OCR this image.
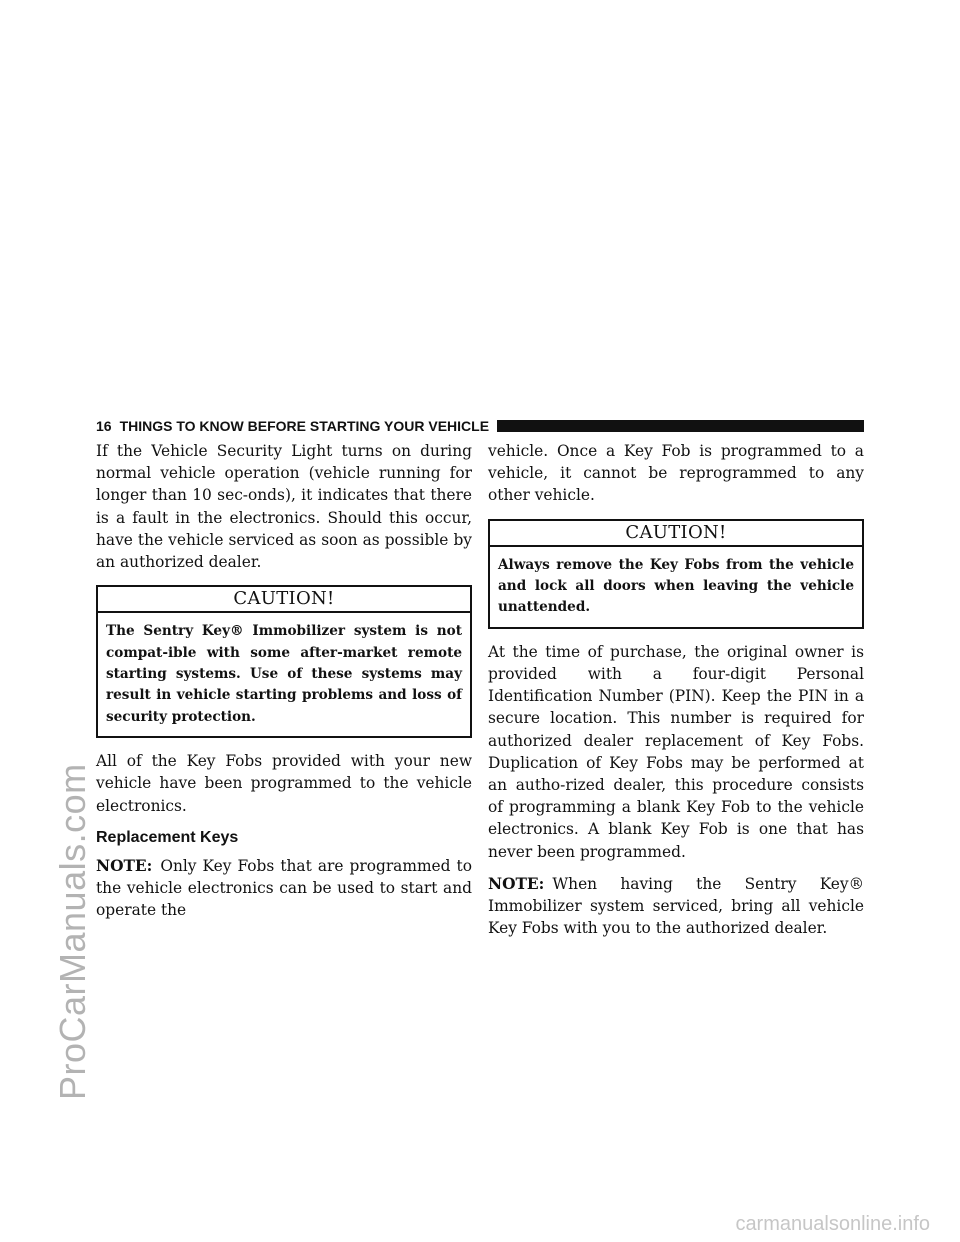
ProCarManuals.com
16 THINGS TO KNOW BEFORE STARTING YOUR VEHICLE

If the Vehicle Security Light turns on during normal vehicle operation (vehicle running for longer than 10 sec-onds), it indicates that there is a fault in the electronics. Should this occur, have the vehicle serviced as soon as possible by an authorized dealer.

CAUTION!
The Sentry Key® Immobilizer system is not compat-ible with some after-market remote starting systems. Use of these systems may result in vehicle starting problems and loss of security protection.

All of the Key Fobs provided with your new vehicle have been programmed to the vehicle electronics.

Replacement Keys

NOTE: Only Key Fobs that are programmed to the vehicle electronics can be used to start and operate the

vehicle. Once a Key Fob is programmed to a vehicle, it cannot be reprogrammed to any other vehicle.

CAUTION!
Always remove the Key Fobs from the vehicle and lock all doors when leaving the vehicle unattended.

At the time of purchase, the original owner is provided with a four-digit Personal Identification Number (PIN). Keep the PIN in a secure location. This number is required for authorized dealer replacement of Key Fobs. Duplication of Key Fobs may be performed at an autho-rized dealer, this procedure consists of programming a blank Key Fob to the vehicle electronics. A blank Key Fob is one that has never been programmed.

NOTE: When having the Sentry Key® Immobilizer system serviced, bring all vehicle Key Fobs with you to the authorized dealer.

carmanualsonline.info
